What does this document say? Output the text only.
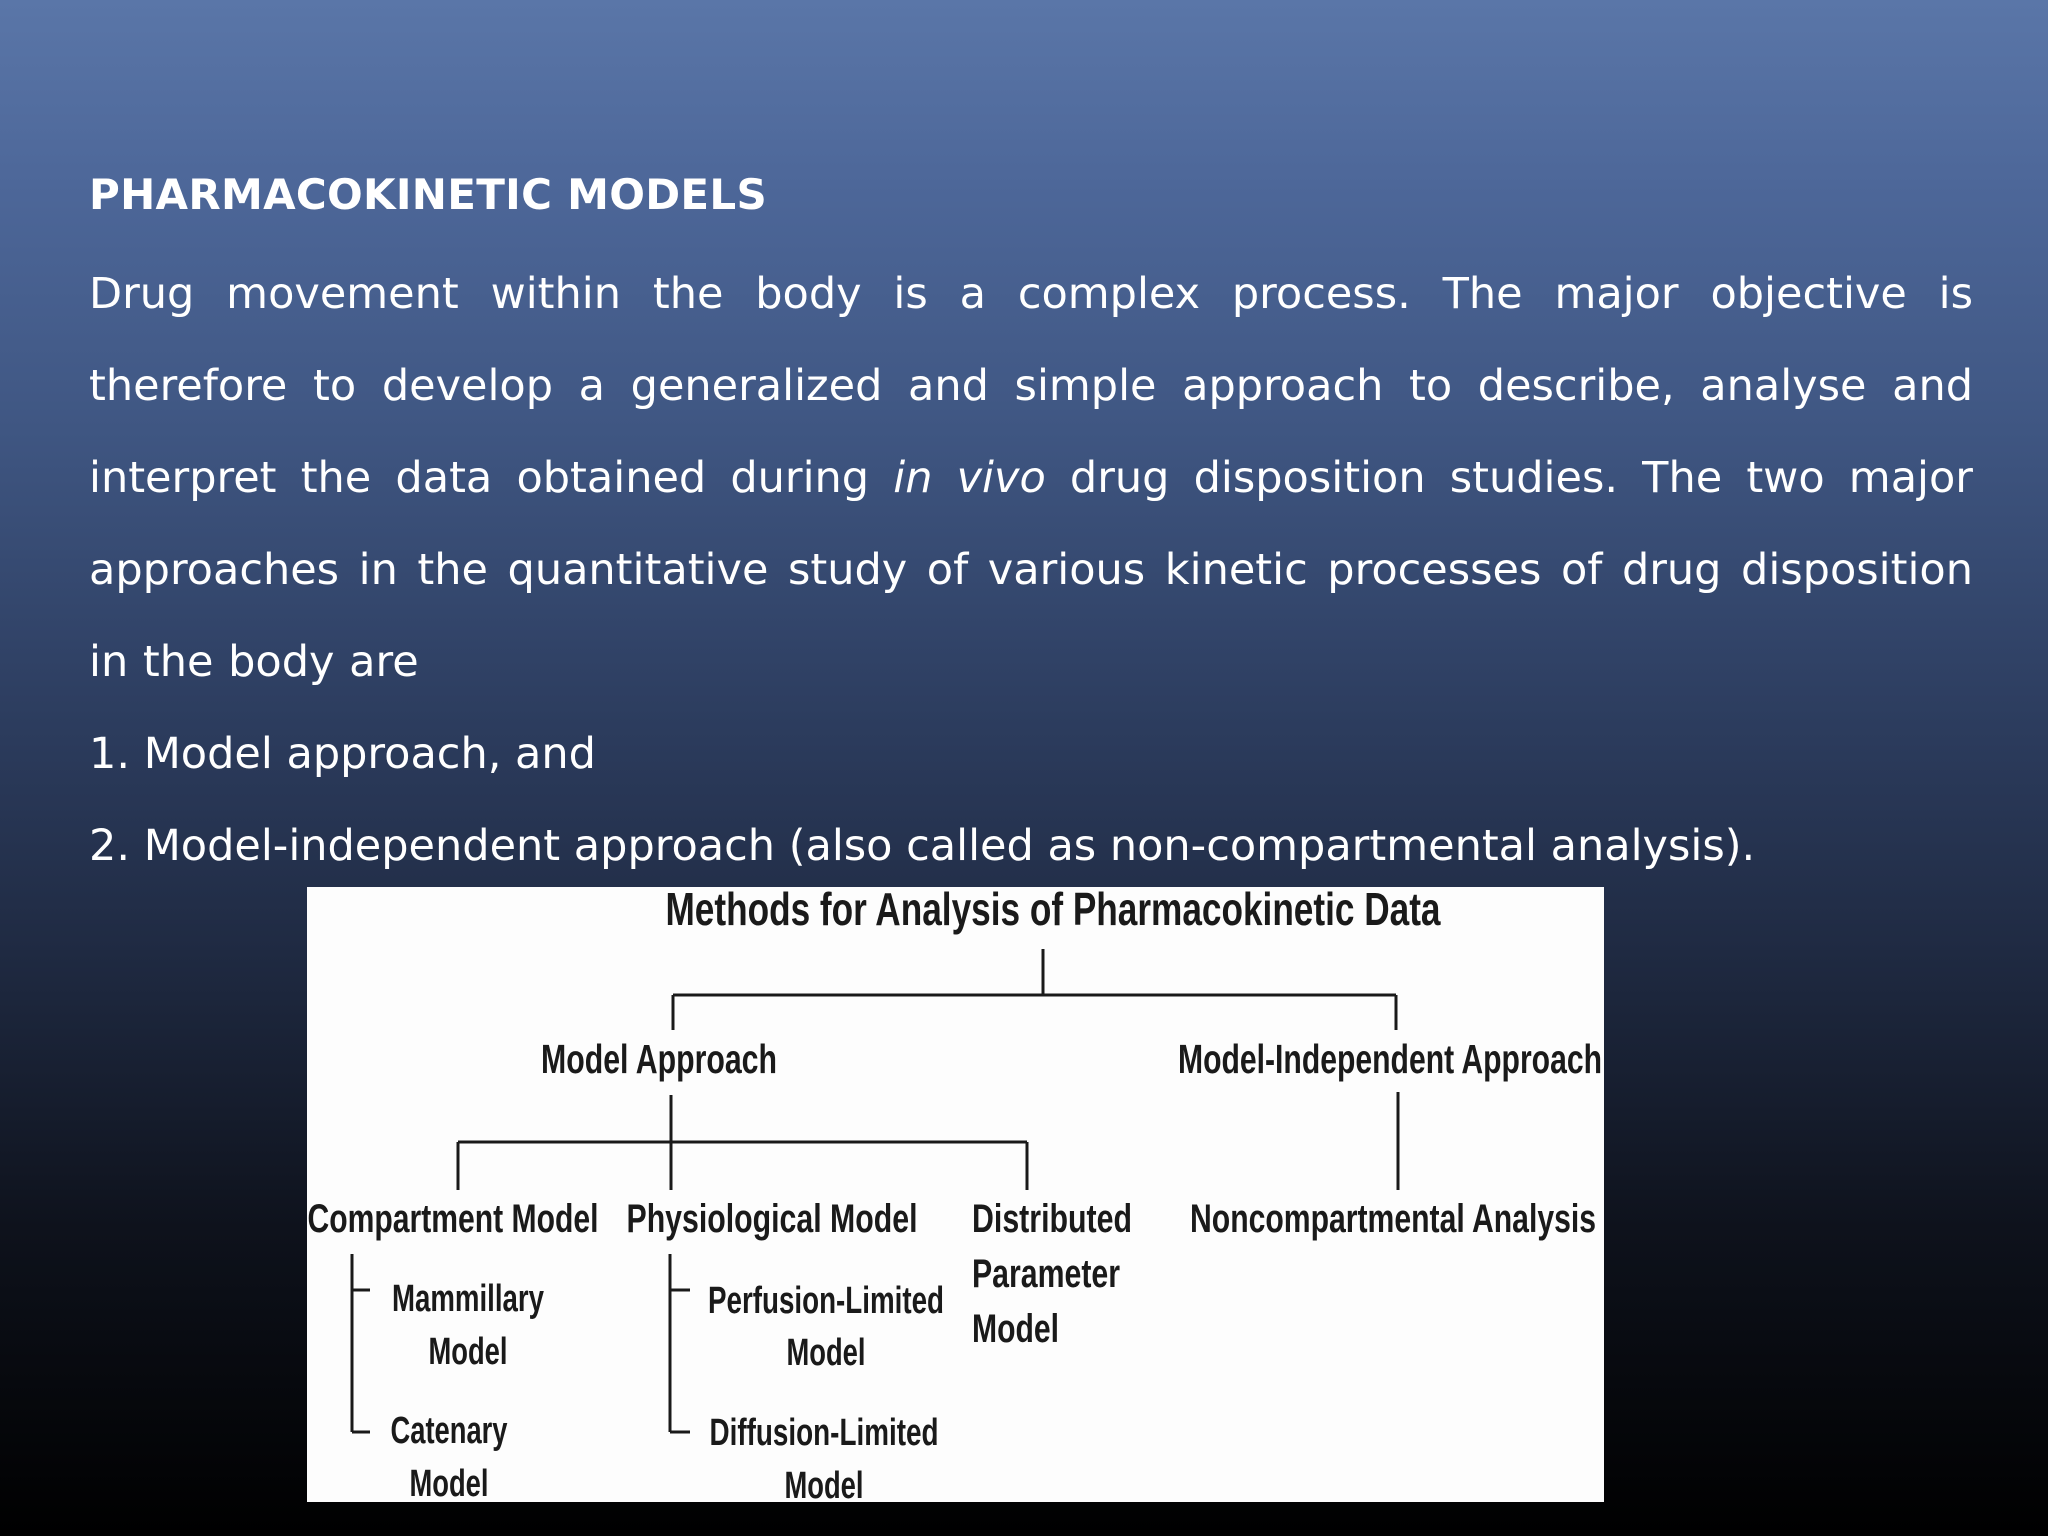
PHARMACOKINETIC MODELS
Drug movement within the body is a complex process. The major objective is therefore to develop a generalized and simple approach to describe, analyse and interpret the data obtained during in vivo drug disposition studies. The two major approaches in the quantitative study of various kinetic processes of drug disposition in the body are
1. Model approach, and
2. Model-independent approach (also called as non-compartmental analysis).
Methods for Analysis of Pharmacokinetic Data
Model Approach	Model-Independent Approach
Compartment Model Physiological Model Distributed
Parameter
Model
Noncompartmental Analysis
Mammillary
Model
Catenary
Model
Perfusion-Limited
Model
Diffusion-Limited
Model
